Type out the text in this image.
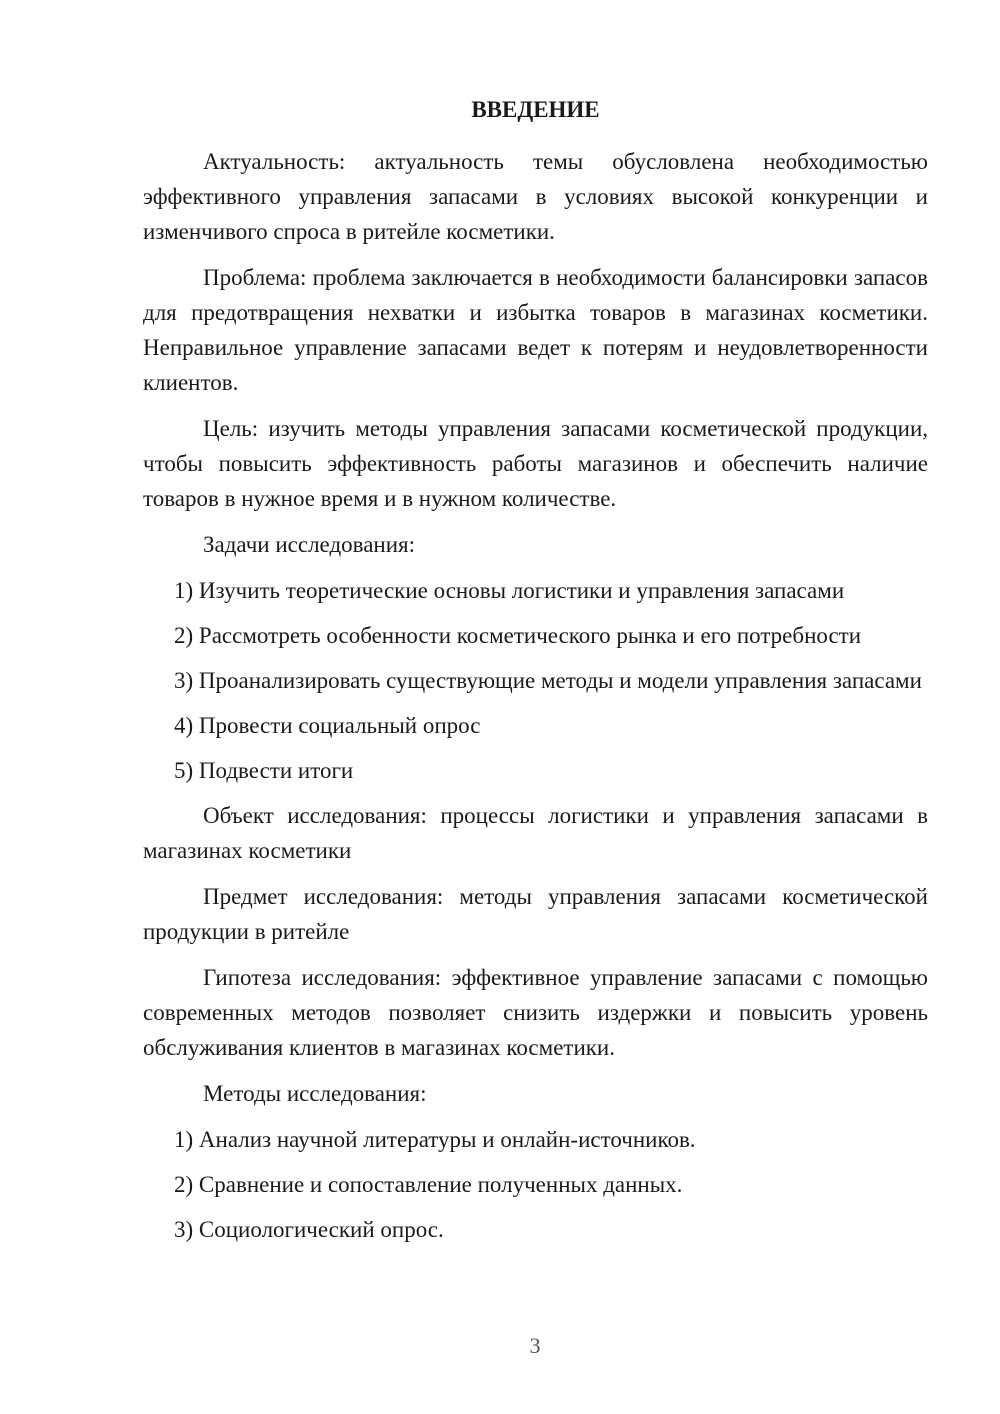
ВВЕДЕНИЕ

Актуальность: актуальность темы обусловлена необходимостью эффективного управления запасами в условиях высокой конкуренции и изменчивого спроса в ритейле косметики.

Проблема: проблема заключается в необходимости балансировки запасов для предотвращения нехватки и избытка товаров в магазинах косметики. Неправильное управление запасами ведет к потерям и неудовлетворенности клиентов.

Цель: изучить методы управления запасами косметической продукции, чтобы повысить эффективность работы магазинов и обеспечить наличие товаров в нужное время и в нужном количестве.

Задачи исследования:

1) Изучить теоретические основы логистики и управления запасами

2) Рассмотреть особенности косметического рынка и его потребности

3) Проанализировать существующие методы и модели управления запасами

4) Провести социальный опрос

5) Подвести итоги

Объект исследования: процессы логистики и управления запасами в магазинах косметики

Предмет исследования: методы управления запасами косметической продукции в ритейле

Гипотеза исследования: эффективное управление запасами с помощью современных методов позволяет снизить издержки и повысить уровень обслуживания клиентов в магазинах косметики.

Методы исследования:

1) Анализ научной литературы и онлайн-источников.

2) Сравнение и сопоставление полученных данных.

3) Социологический опрос.

3
